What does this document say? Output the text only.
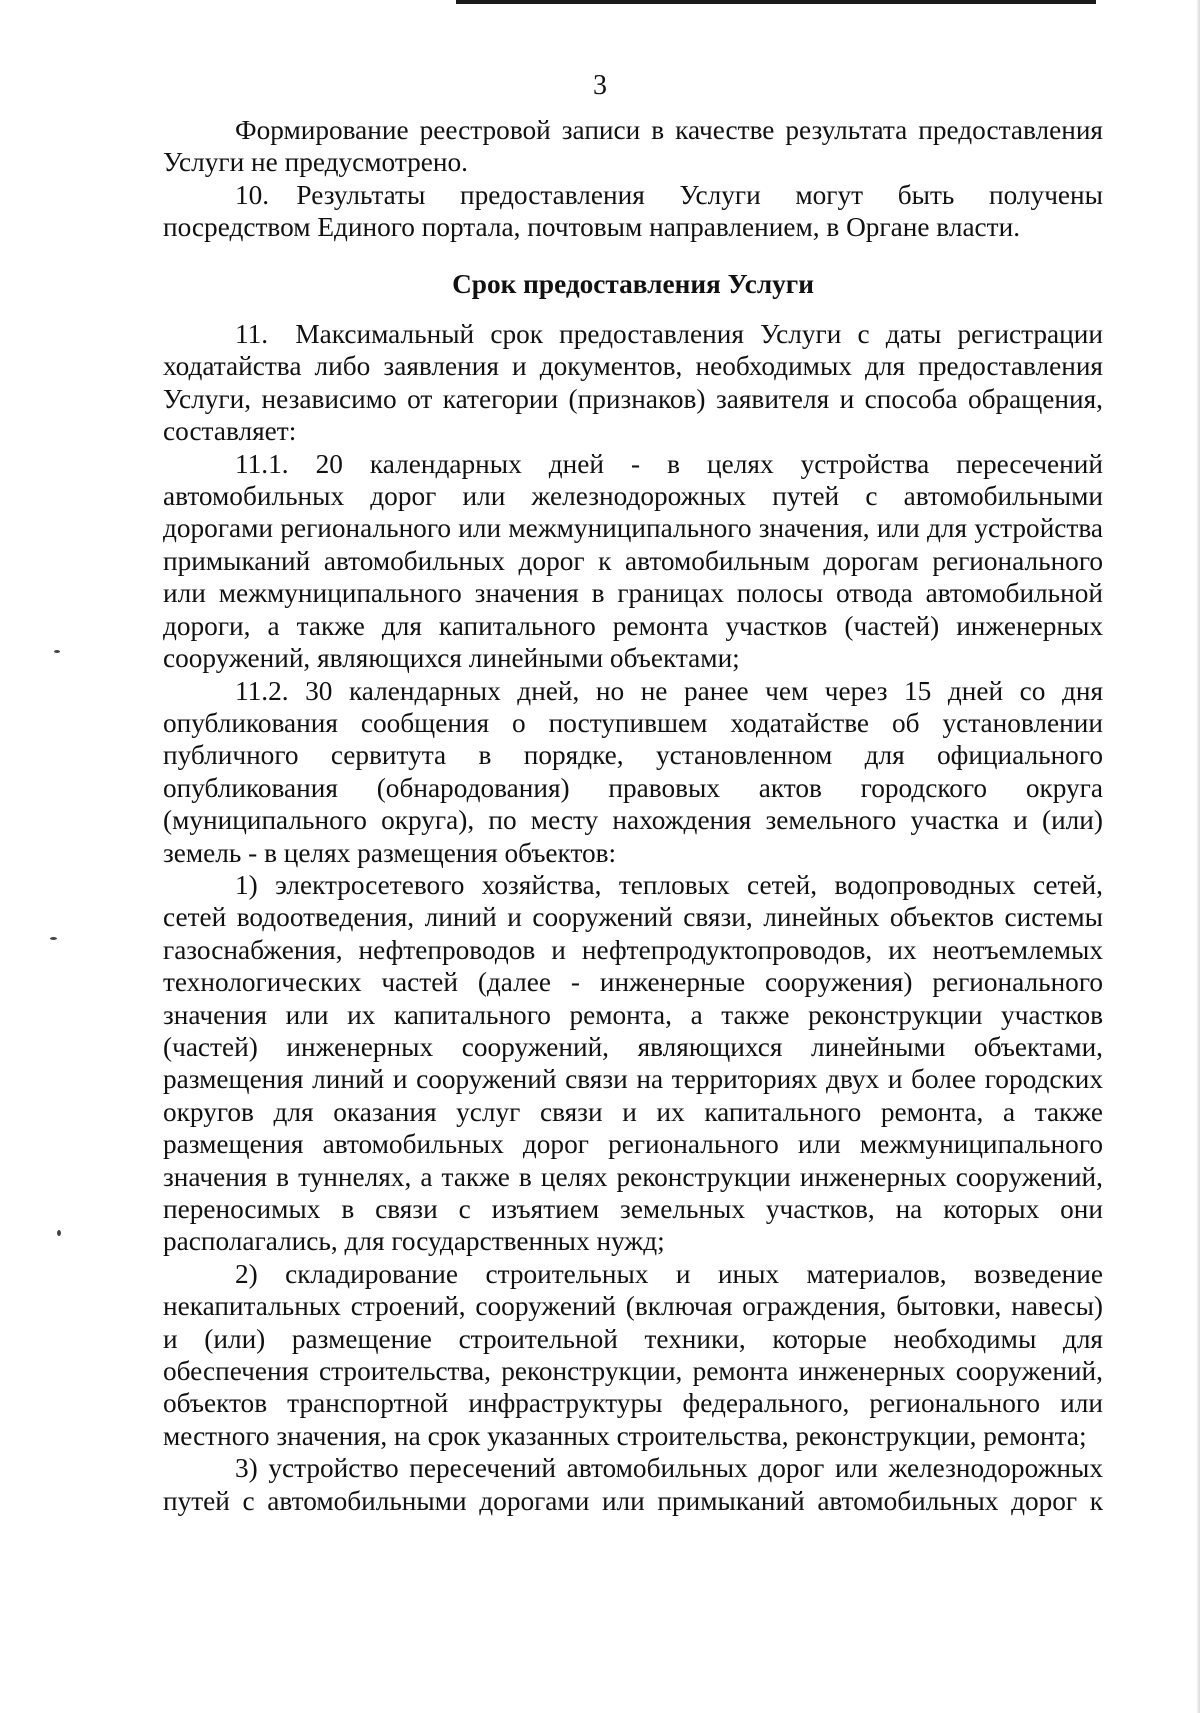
3

Формирование реестровой записи в качестве результата предоставления Услуги не предусмотрено.

10. Результаты предоставления Услуги могут быть получены посредством Единого портала, почтовым направлением, в Органе власти.

Срок предоставления Услуги

11. Максимальный срок предоставления Услуги с даты регистрации ходатайства либо заявления и документов, необходимых для предоставления Услуги, независимо от категории (признаков) заявителя и способа обращения, составляет:

11.1. 20 календарных дней - в целях устройства пересечений автомобильных дорог или железнодорожных путей с автомобильными дорогами регионального или межмуниципального значения, или для устройства примыканий автомобильных дорог к автомобильным дорогам регионального или межмуниципального значения в границах полосы отвода автомобильной дороги, а также для капитального ремонта участков (частей) инженерных сооружений, являющихся линейными объектами;

11.2. 30 календарных дней, но не ранее чем через 15 дней со дня опубликования сообщения о поступившем ходатайстве об установлении публичного сервитута в порядке, установленном для официального опубликования (обнародования) правовых актов городского округа (муниципального округа), по месту нахождения земельного участка и (или) земель - в целях размещения объектов:

1) электросетевого хозяйства, тепловых сетей, водопроводных сетей, сетей водоотведения, линий и сооружений связи, линейных объектов системы газоснабжения, нефтепроводов и нефтепродуктопроводов, их неотъемлемых технологических частей (далее - инженерные сооружения) регионального значения или их капитального ремонта, а также реконструкции участков (частей) инженерных сооружений, являющихся линейными объектами, размещения линий и сооружений связи на территориях двух и более городских округов для оказания услуг связи и их капитального ремонта, а также размещения автомобильных дорог регионального или межмуниципального значения в туннелях, а также в целях реконструкции инженерных сооружений, переносимых в связи с изъятием земельных участков, на которых они располагались, для государственных нужд;

2) складирование строительных и иных материалов, возведение некапитальных строений, сооружений (включая ограждения, бытовки, навесы) и (или) размещение строительной техники, которые необходимы для обеспечения строительства, реконструкции, ремонта инженерных сооружений, объектов транспортной инфраструктуры федерального, регионального или местного значения, на срок указанных строительства, реконструкции, ремонта;

3) устройство пересечений автомобильных дорог или железнодорожных путей с автомобильными дорогами или примыканий автомобильных дорог к
